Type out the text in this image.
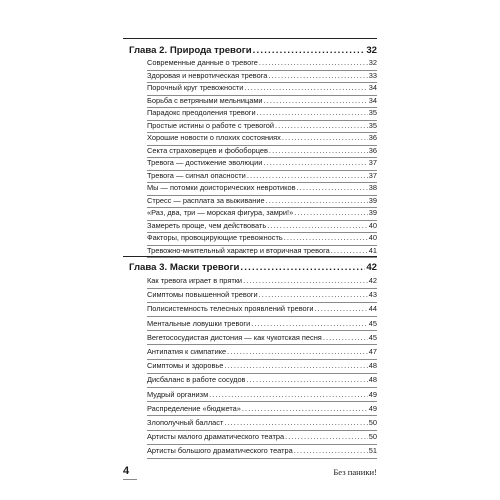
Глава 2. Природа тревоги .....	32
Современные данные о тревоге .....	32
Здоровая и невротическая тревога .....	33
Порочный круг тревожности .....	34
Борьба с ветряными мельницами .....	34
Парадокс преодоления тревоги .....	35
Простые истины о работе с тревогой .....	35
Хорошие новости о плохих состояниях .....	36
Секта страховерцев и фобоборцев .....	36
Тревога — достижение эволюции .....	37
Тревога — сигнал опасности .....	37
Мы — потомки доисторических невротиков .....	38
Стресс — расплата за выживание .....	39
«Раз, два, три — морская фигура, замри!» .....	39
Замереть проще, чем действовать .....	40
Факторы, провоцирующие тревожность .....	40
Тревожно-мнительный характер и вторичная тревога .....	41
Глава 3. Маски тревоги .....	42
Как тревога играет в прятки .....	42
Симптомы повышенной тревоги .....	43
Полисистемность телесных проявлений тревоги .....	44
Ментальные ловушки тревоги .....	45
Вегетососудистая дистония — как чукотская песня .....	45
Антипатия к симпатике .....	47
Симптомы и здоровье .....	48
Дисбаланс в работе сосудов .....	48
Мудрый организм .....	49
Распределение «бюджета» .....	49
Злополучный балласт .....	50
Артисты малого драматического театра .....	50
Артисты большого драматического театра .....	51
4	Без паники!
